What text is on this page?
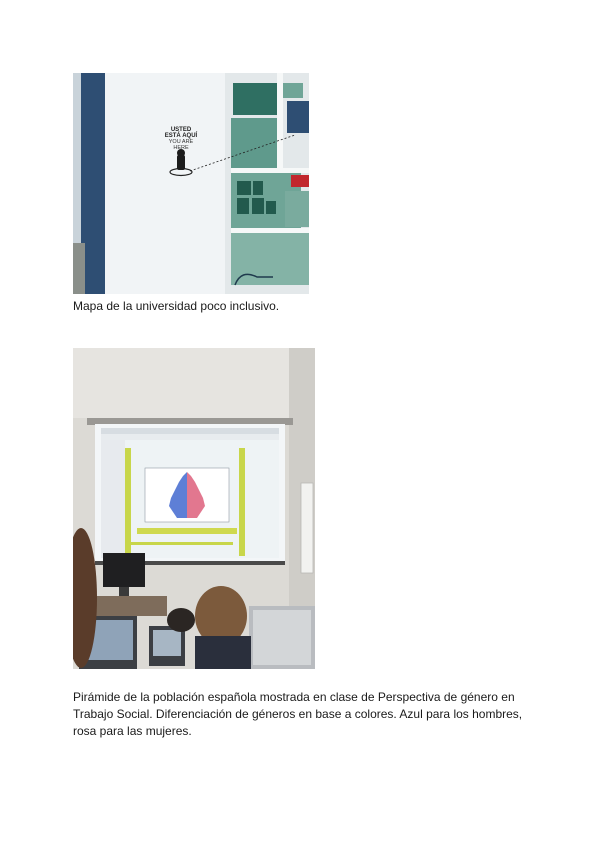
USTED
ESTÁ AQUÍ
YOU ARE
HERE

Mapa de la universidad poco inclusivo.

Pirámide de la población española mostrada en clase de Perspectiva de género en
Trabajo Social. Diferenciación de géneros en base a colores. Azul para los hombres,
rosa para las mujeres.
